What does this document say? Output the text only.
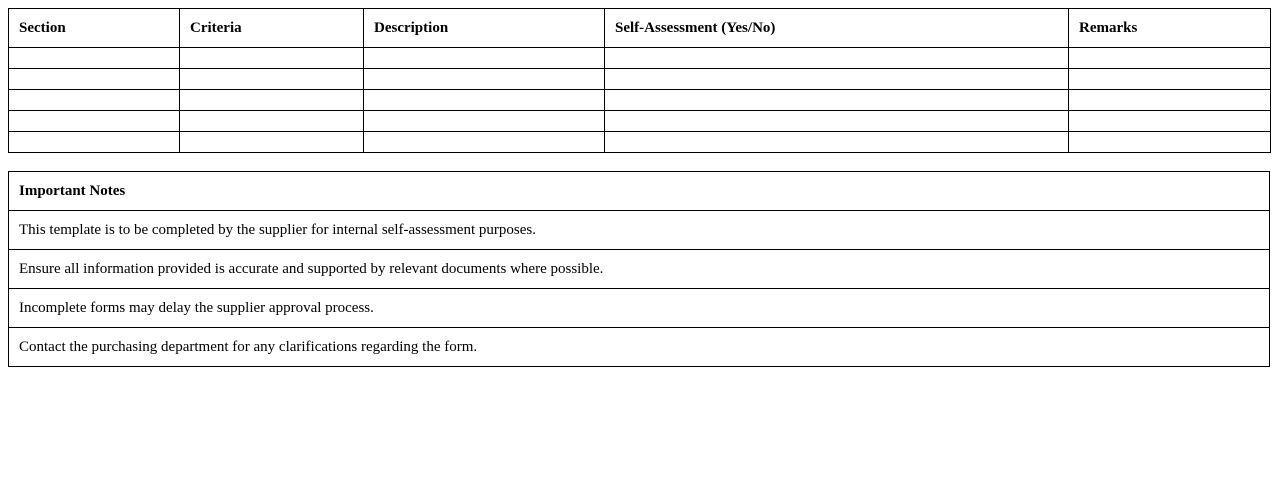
Section	Criteria	Description	Self-Assessment (Yes/No)	Remarks

Important Notes
This template is to be completed by the supplier for internal self-assessment purposes.
Ensure all information provided is accurate and supported by relevant documents where possible.
Incomplete forms may delay the supplier approval process.
Contact the purchasing department for any clarifications regarding the form.
